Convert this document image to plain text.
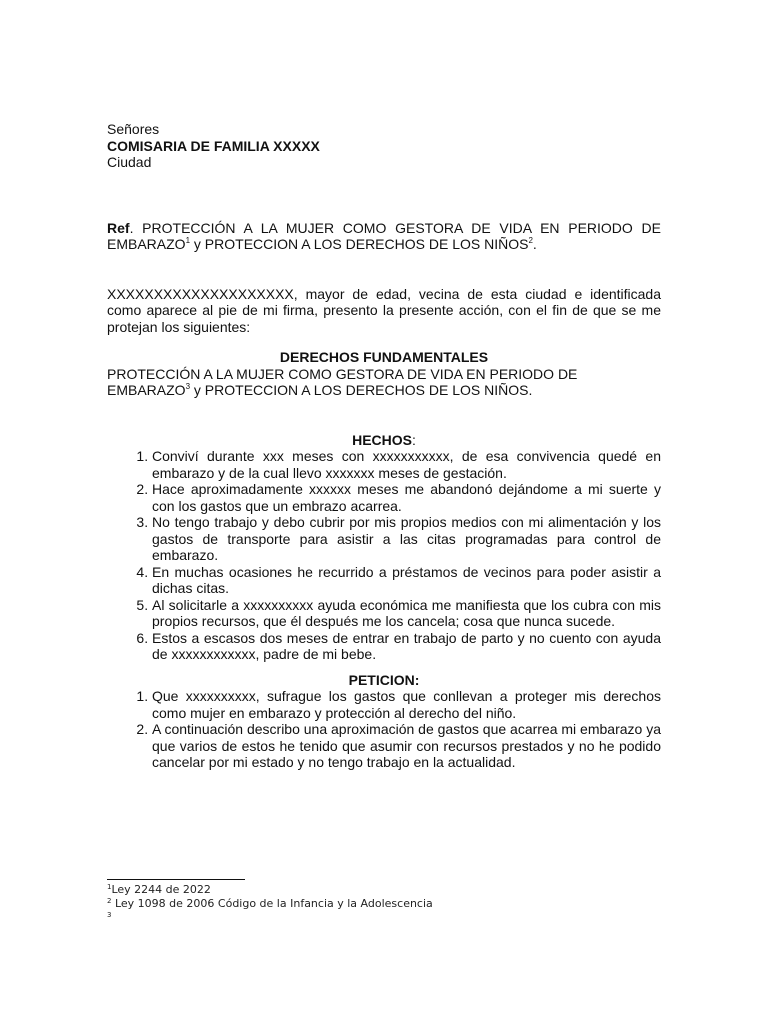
Señores

COMISARIA DE FAMILIA XXXXX

Ciudad

Ref. PROTECCIÓN A LA MUJER COMO GESTORA DE VIDA EN PERIODO DE EMBARAZO$^1$ y PROTECCION A LOS DERECHOS DE LOS NIÑOS$^2$.

XXXXXXXXXXXXXXXXXXXX, mayor de edad, vecina de esta ciudad e identificada como aparece al pie de mi firma, presento la presente acción, con el fin de que se me protejan los siguientes:

DERECHOS FUNDAMENTALES

PROTECCIÓN A LA MUJER COMO GESTORA DE VIDA EN PERIODO DE EMBARAZO$^3$ y PROTECCION A LOS DERECHOS DE LOS NIÑOS.

HECHOS:

1. Conviví durante xxx meses con xxxxxxxxxxx, de esa convivencia quedé en embarazo y de la cual llevo xxxxxxx meses de gestación.
2. Hace aproximadamente xxxxxx meses me abandonó dejándome a mi suerte y con los gastos que un embrazo acarrea.
3. No tengo trabajo y debo cubrir por mis propios medios con mi alimentación y los gastos de transporte para asistir a las citas programadas para control de embarazo.
4. En muchas ocasiones he recurrido a préstamos de vecinos para poder asistir a dichas citas.
5. Al solicitarle a xxxxxxxxxx ayuda económica me manifiesta que los cubra con mis propios recursos, que él después me los cancela; cosa que nunca sucede.
6. Estos a escasos dos meses de entrar en trabajo de parto y no cuento con ayuda de xxxxxxxxxxxx, padre de mi bebe.

PETICION:

1. Que xxxxxxxxxx, sufrague los gastos que conllevan a proteger mis derechos como mujer en embarazo y protección al derecho del niño.
2. A continuación describo una aproximación de gastos que acarrea mi embarazo ya que varios de estos he tenido que asumir con recursos prestados y no he podido cancelar por mi estado y no tengo trabajo en la actualidad.

$^1$Ley 2244 de 2022

$^2$ Ley 1098 de 2006 Código de la Infancia y la Adolescencia

$^3$
